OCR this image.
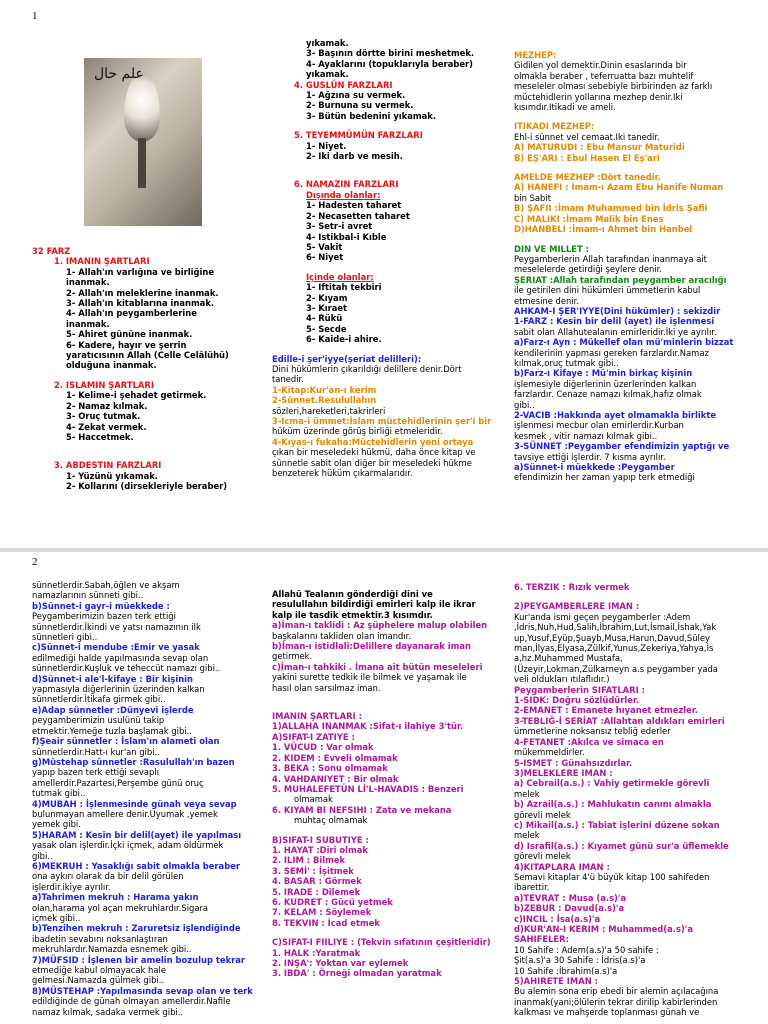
1
علم حال
32 FARZ
1. IMANIN ŞARTLARI
1- Allah'ın varlığına ve birliğine
inanmak.
2- Allah'ın meleklerine inanmak.
3- Allah'ın kitablarına inanmak.
4- Allah'ın peygamberlerine
inanmak.
5- Ahiret gününe inanmak.
6- Kadere, hayır ve şerrin
yaratıcısının Allah (Celle Celâlühü)
olduğuna inanmak.
2. ISLAMIN ŞARTLARI
1- Kelime-i şehadet getirmek.
2- Namaz kılmak.
3- Oruç tutmak.
4- Zekat vermek.
5- Haccetmek.
3. ABDESTIN FARZLARI
1- Yüzünü yıkamak.
2- Kollarını (dirsekleriyle beraber)
yıkamak.
3- Başının dörtte birini meshetmek.
4- Ayaklarını (topuklarıyla beraber)
yıkamak.
4. GUSLÜN FARZLARI
1- Ağzına su vermek.
2- Burnuna su vermek.
3- Bütün bedenini yıkamak.
5. TEYEMMÜMÜN FARZLARI
1- Niyet.
2- Iki darb ve mesih.
6. NAMAZIN FARZLARI
Dışında olanlar:
1- Hadesten taharet
2- Necasetten taharet
3- Setr-i avret
4- Istikbal-i Kıble
5- Vakit
6- Niyet
Içinde olanlar:
1- Iftitah tekbiri
2- Kıyam
3- Kıraet
4- Rükü
5- Secde
6- Kaide-i ahire.
Edille-i şer'iyye(şeriat delilleri):
Dini hükümlerin çıkarıldığı delillere denir.Dört
tanedir.
1-Kitap:Kur'an-ı kerim
2-Sünnet.Resulullahın
sözleri,hareketleri,takrirleri
3-Icma-i ümmet:İslam müctehidlerinin şer'i bir
hüküm üzerinde görüş birliği etmeleridir.
4-Kıyas-ı fukaha:Müctehidlerin yeni ortaya
çıkan bir meseledeki hükmü, daha önce kitap ve
sünnetle sabit olan diğer bir meseledeki hükme
benzeterek hüküm çıkarmalarıdır.
MEZHEP:
Gidilen yol demektir.Dinin esaslarında bir
olmakla beraber , teferruatta bazı muhtelif
meseleler olması sebebiyle birbirinden az farklı
müctehidlerin yollarına mezhep denir.Iki
kısımdır.Itikadi ve ameli.
ITIKADI MEZHEP:
Ehl-i sünnet vel cemaat.Iki tanedir.
A) MATURUDI : Ebu Mansur Maturidi
B) EŞ'ARI : Ebul Hasen El Eş'ari
AMELDE MEZHEP :Dört tanedir.
A) HANEFI : İmam-ı Azam Ebu Hanife Numan
bin Sabit
B) ŞAFII :İmam Muhammed bin İdris Şafii
C) MALIKI :İmam Malik bin Enes
D)HANBELI :İmam-ı Ahmet bin Hanbel
DIN VE MILLET :
Peygamberlerin Allah tarafından inanmaya ait
meselelerde getirdiği şeylere denir.
ŞERIAT :Allah tarafından peygamber aracılığı
ile getirilen dini hükümleri ümmetlerin kabul
etmesine denir.
AHKAM-I ŞER'IYYE(Dini hükümler) : sekizdir
1-FARZ : Kesin bir delil (ayet) ile işlenmesi
sabit olan Allahutealanın emirleridir.İki ye ayrılır.
a)Farz-ı Ayn : Mükellef olan mü'minlerin bizzat
kendilerinin yapması gereken farzlardır.Namaz
kılmak,oruç tutmak gibi..
b)Farz-ı Kifaye : Mü'min birkaç kişinin
işlemesiyle diğerlerinin üzerlerinden kalkan
farzlardır. Cenaze namazı kılmak,hafız olmak
gibi..
2-VACIB :Hakkında ayet olmamakla birlikte
işlenmesi mecbur olan emirlerdir.Kurban
kesmek , vitir namazı kılmak gibi..
3-SÜNNET :Peygamber efendimizin yaptığı ve
tavsiye ettiği işlerdir. 7 kısma ayrılır.
a)Sünnet-i müekkede :Peygamber
efendimizin her zaman yapıp terk etmediği
2
sünnetlerdir.Sabah,öğlen ve akşam
namazlarının sünneti gibi..
b)Sünnet-i gayr-i müekkede :
Peygamberimizin bazen terk ettiği
sünnetlerdir.İkindi ve yatsı namazının ilk
sünnetleri gibi..
c)Sünnet-i mendube :Emir ve yasak
edilmediği halde yapılmasında sevap olan
sünnetlerdir.Kuşluk ve teheccüt namazı gibi..
d)Sünnet-i ale'l-kifaye : Bir kişinin
yapmasıyla diğerlerinin üzerinden kalkan
sünnetlerdir.İtikafa girmek gibi..
e)Adap sünnetler :Dünyevi işlerde
peygamberimizin usulünü takip
etmektir.Yemeğe tuzla başlamak gibi..
f)Şeair sünnetler : İslam'ın alameti olan
sünnetlerdir.Hatt-ı kur'an gibi..
g)Müstehap sünnetler :Rasulullah'ın bazen
yapıp bazen terk ettiği sevaplı
amellerdir.Pazartesi,Perşembe günü oruç
tutmak gibi..
4)MUBAH : İşlenmesinde günah veya sevap
bulunmayan amellere denir.Uyumak ,yemek
yemek gibi.
5)HARAM : Kesin bir delil(ayet) ile yapılması
yasak olan işlerdir.İçki içmek, adam öldürmek
gibi..
6)MEKRUH : Yasaklığı sabit olmakla beraber
ona aykırı olarak da bir delil görülen
işlerdir.ikiye ayrılır.
a)Tahrimen mekruh : Harama yakın
olan,harama yol açan mekruhlardır.Sigara
içmek gibi..
b)Tenzihen mekruh : Zaruretsiz işlendiğinde
ibadetin sevabını noksanlaştıran
mekruhlardır.Namazda esnemek gibi..
7)MÜFSID : İşlenen bir amelin bozulup tekrar
etmediğe kabul olmayacak hale
gelmesi.Namazda gülmek gibi..
8)MÜSTEHAP :Yapılmasında sevap olan ve terk
edildiğinde de günah olmayan amellerdir.Nafile
namaz kılmak, sadaka vermek gibi..
Allahü Tealanın gönderdiği dini ve
resulullahın bildirdiği emirleri kalp ile ikrar
kalp ile tasdik etmektir.3 kısımdır.
a)İman-ı taklidi : Az şüphelere malup olabilen
başkalarını takliden olan imandır.
b)İman-ı istidlali:Delillere dayanarak iman
getirmek.
c)İman-ı tahkiki . İmana ait bütün meseleleri
yakini surette tedkik ile bilmek ve yaşamak ile
hasıl olan sarsılmaz iman.
IMANIN ŞARTLARI :
1)ALLAHA INANMAK :Sifat-ı ilahiye 3'tür.
A)SIFAT-I ZATIYE :
1. VÜCUD : Var olmak
2. KIDEM : Evveli olmamak
3. BEKA : Sonu olmamak
4. VAHDANIYET : Bir olmak
5. MUHALEFETÜN Lİ'L-HAVADIS : Benzeri
olmamak
6. KIYAM BI NEFSIHI : Zata ve mekana
muhtaç olmamak
B)SIFAT-I SUBUTIYE :
1. HAYAT :Diri olmak
2. ILIM : Bilmek
3. SEMİ' : İşitmek
4. BASAR : Görmek
5. IRADE : Dilemek
6. KUDRET : Gücü yetmek
7. KELAM : Söylemek
8. TEKVIN : İcad etmek
C)SIFAT-I FIILIYE : (Tekvin sıfatının çeşitleridir)
1. HALK :Yaratmak
2. INŞA': Yoktan var eylemek
3. IBDA' : Örneği olmadan yaratmak
6. TERZIK : Rızık vermek
2)PEYGAMBERLERE IMAN :
Kur'anda ismi geçen peygamberler :Adem
,İdris,Nuh,Hud,Salih,İbrahim,Lut,İsmail,İshak,Yak
up,Yusuf,Eyüp,Şuayb,Musa,Harun,Davud,Süley
man,İlyas,Elyasa,Zülkif,Yunus,Zekeriya,Yahya,İs
a,hz.Muhammed Mustafa,
(Üzeyir,Lokman,Zülkarneyn a.s peygamber yada
veli oldukları ıtılaflıdır.)
Peygamberlerin SIFATLARI :
1-SIDK: Doğru sözlüdürler.
2-EMANET : Emanete hıyanet etmezler.
3-TEBLIĞ-İ SERİAT :Allahtan aldıkları emirleri
ümmetlerine noksansız tebliğ ederler
4-FETANET :Akılca ve simaca en
mükemmeldirler.
5-ISMET : Günahsızdırlar.
3)MELEKLERE IMAN :
a) Cebrail(a.s.) : Vahiy getirmekle görevli
melek
b) Azrail(a.s.) : Mahlukatın canını almakla
görevli melek
c) Mikail(a.s.) : Tabiat işlerini düzene sokan
melek
d) Israfil(a.s.) : Kıyamet günü sur'a üflemekle
görevli melek
4)KITAPLARA IMAN :
Semavi kitaplar 4'ü büyük kitap 100 sahifeden
ibarettir.
a)TEVRAT : Musa (a.s)'a
b)ZEBUR : Davud(a.s)'a
c)INCIL : İsa(a.s)'a
d)KUR'AN-I KERIM : Muhammed(a.s)'a
SAHIFELER:
10 Sahife : Adem(a.s)'a 50 sahife :
Şit(a.s)'a 30 Sahife : İdris(a.s)'a
10 Sahife :İbrahim(a.s)'a
5)AHIRETE IMAN :
Bu alemin sona erip ebedi bir alemin açılacağına
inanmak(yani;ölülerin tekrar dirilip kabirlerinden
kalkması ve mahşerde toplanması günah ve
